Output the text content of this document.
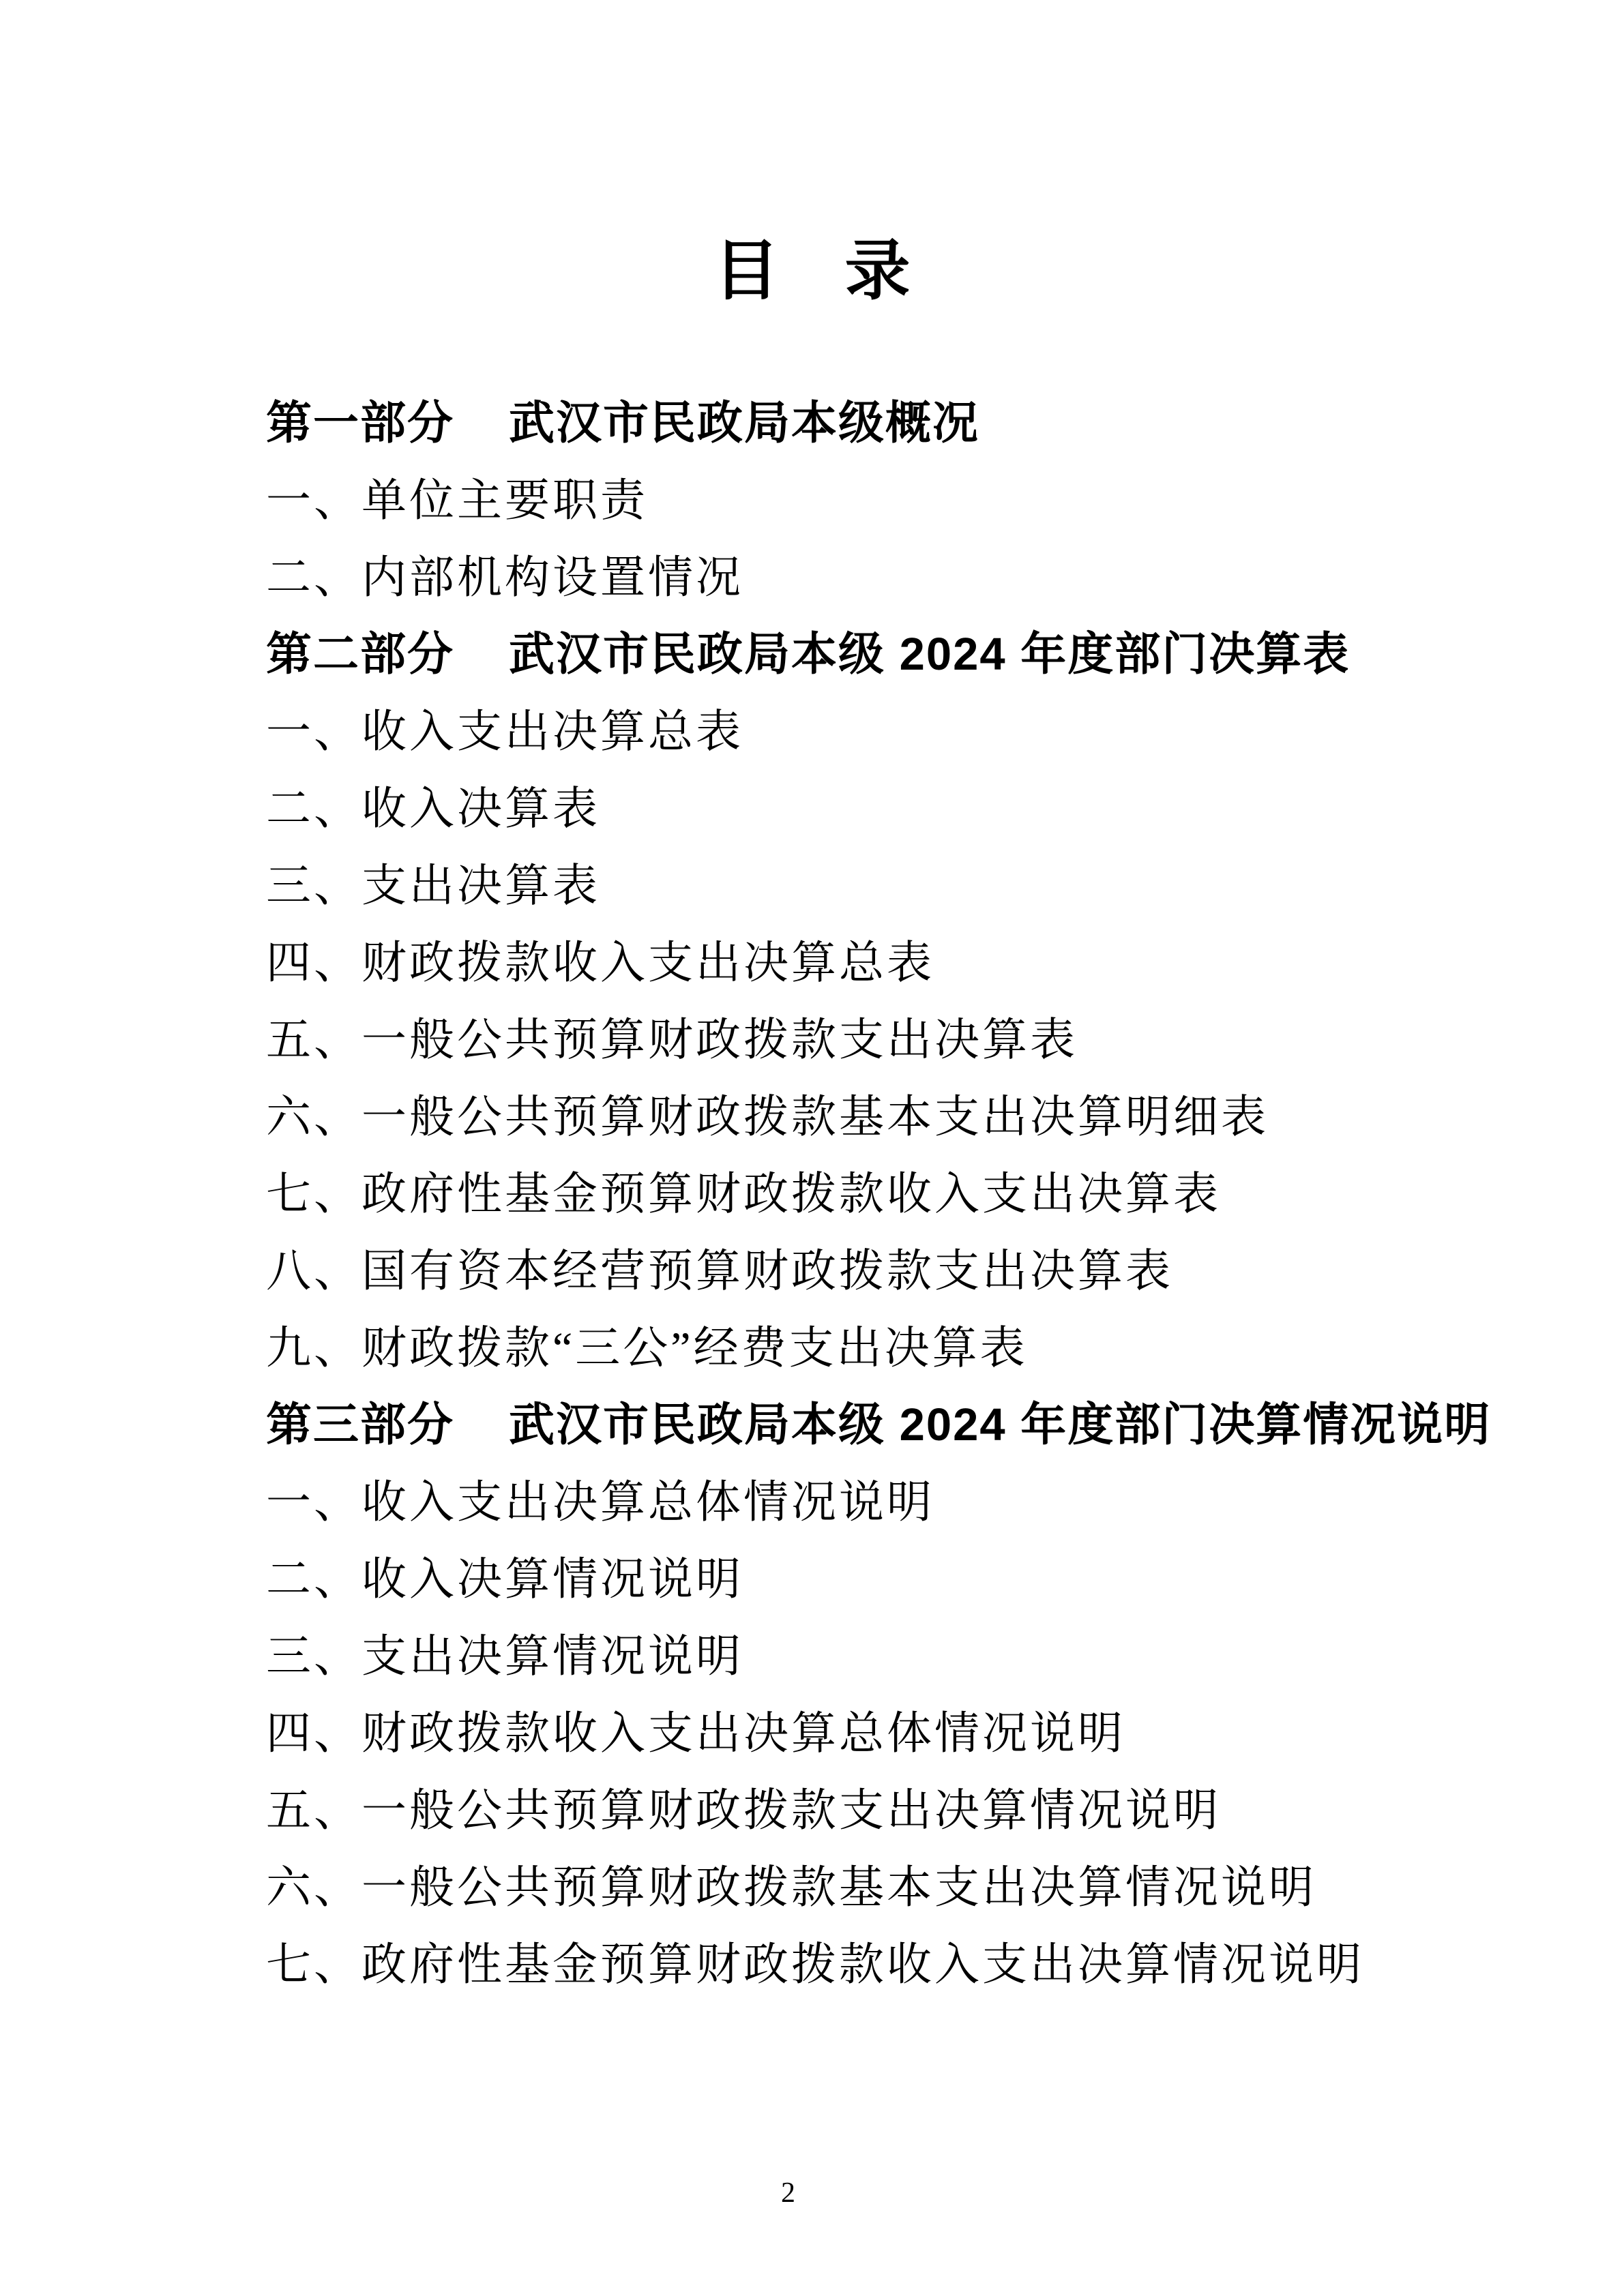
目　录
第一部分 武汉市民政局本级概况
一、单位主要职责
二、内部机构设置情况
第二部分 武汉市民政局本级 2024 年度部门决算表
一、收入支出决算总表
二、收入决算表
三、支出决算表
四、财政拨款收入支出决算总表
五、一般公共预算财政拨款支出决算表
六、一般公共预算财政拨款基本支出决算明细表
七、政府性基金预算财政拨款收入支出决算表
八、国有资本经营预算财政拨款支出决算表
九、财政拨款“三公”经费支出决算表
第三部分 武汉市民政局本级 2024 年度部门决算情况说明
一、收入支出决算总体情况说明
二、收入决算情况说明
三、支出决算情况说明
四、财政拨款收入支出决算总体情况说明
五、一般公共预算财政拨款支出决算情况说明
六、一般公共预算财政拨款基本支出决算情况说明
七、政府性基金预算财政拨款收入支出决算情况说明
2
